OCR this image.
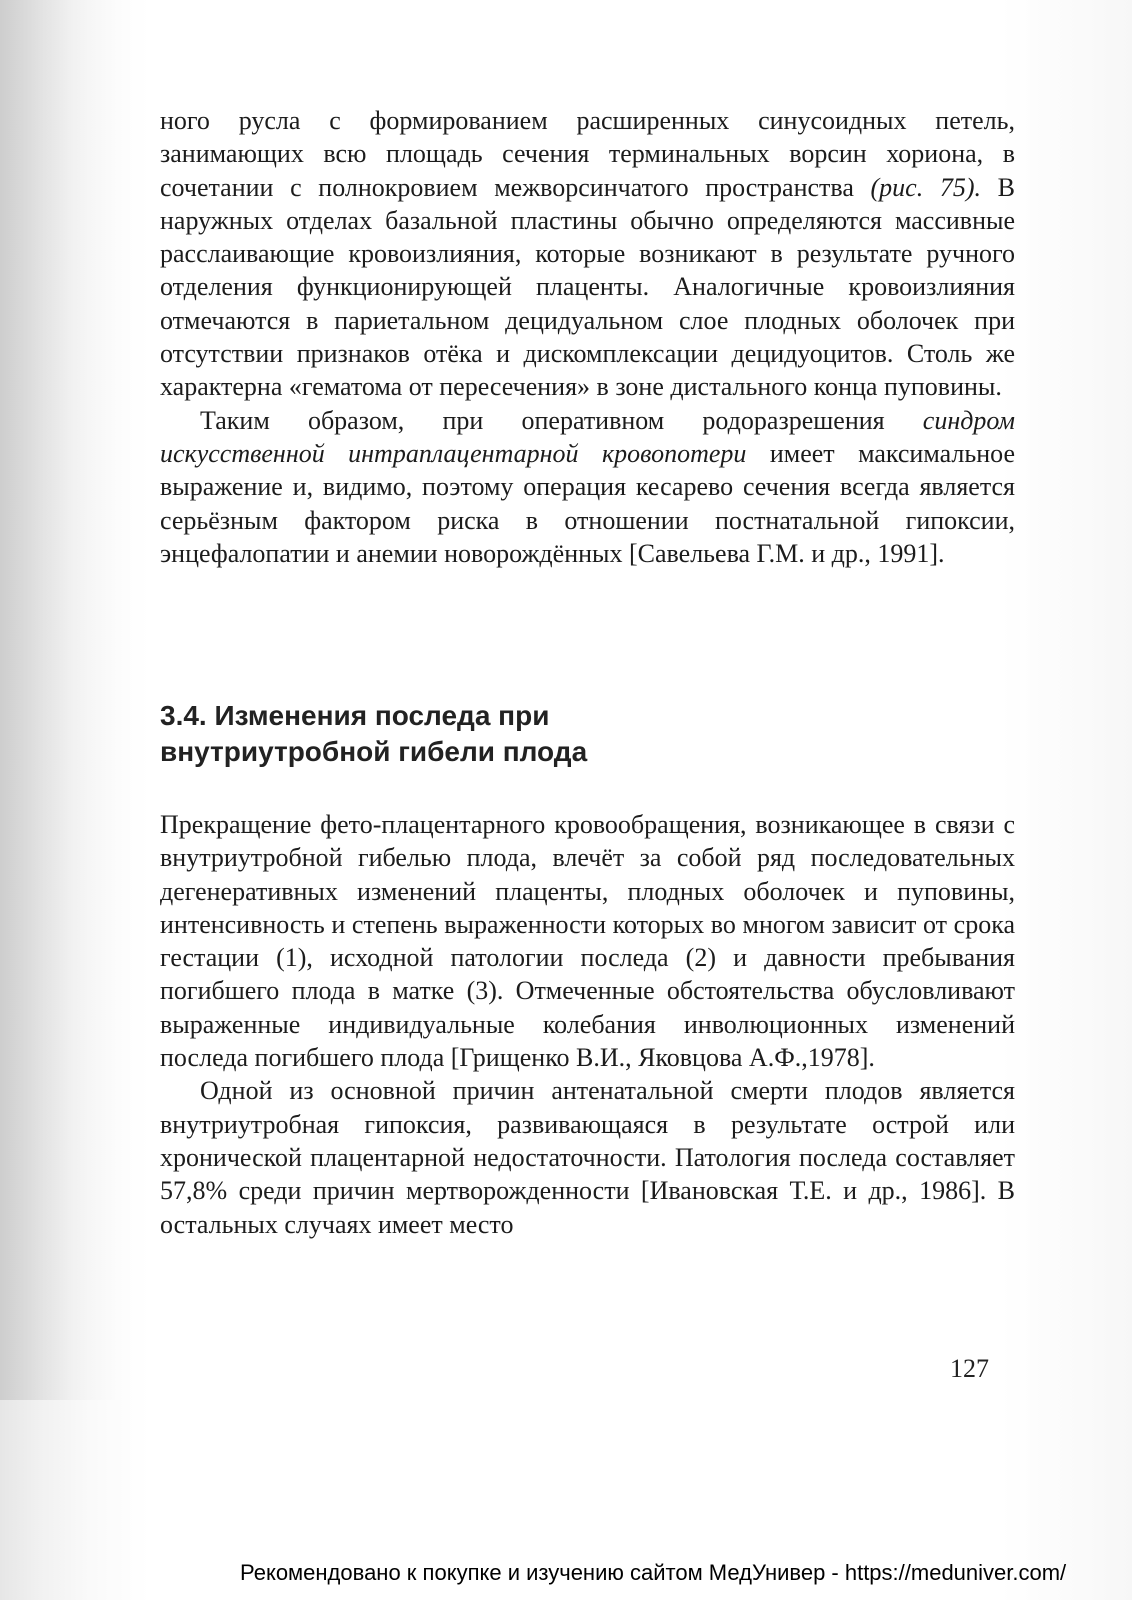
ного русла с формированием расширенных синусоидных петель, занимающих всю площадь сечения терминальных ворсин хориона, в сочетании с полнокровием межворсинчатого пространства (рис. 75). В наружных отделах базальной пластины обычно определяются массивные расслаивающие кровоизлияния, которые возникают в результате ручного отделения функционирующей плаценты. Аналогичные кровоизлияния отмечаются в париетальном децидуальном слое плодных оболочек при отсутствии признаков отёка и дискомплексации децидуоцитов. Столь же характерна «гематома от пересечения» в зоне дистального конца пуповины.

Таким образом, при оперативном родоразрешения синдром искусственной интраплацентарной кровопотери имеет максимальное выражение и, видимо, поэтому операция кесарево сечения всегда является серьёзным фактором риска в отношении постнатальной гипоксии, энцефалопатии и анемии новорождённых [Савельева Г.М. и др., 1991].

3.4. Изменения последа при
внутриутробной гибели плода

Прекращение фето-плацентарного кровообращения, возникающее в связи с внутриутробной гибелью плода, влечёт за собой ряд последовательных дегенеративных изменений плаценты, плодных оболочек и пуповины, интенсивность и степень выраженности которых во многом зависит от срока гестации (1), исходной патологии последа (2) и давности пребывания погибшего плода в матке (3). Отмеченные обстоятельства обусловливают выраженные индивидуальные колебания инволюционных изменений последа погибшего плода [Грищенко В.И., Яковцова А.Ф.,1978].

Одной из основной причин антенатальной смерти плодов является внутриутробная гипоксия, развивающаяся в результате острой или хронической плацентарной недостаточности. Патология последа составляет 57,8% среди причин мертворожденности [Ивановская Т.Е. и др., 1986]. В остальных случаях имеет место

127
Рекомендовано к покупке и изучению сайтом МедУнивер - https://meduniver.com/
